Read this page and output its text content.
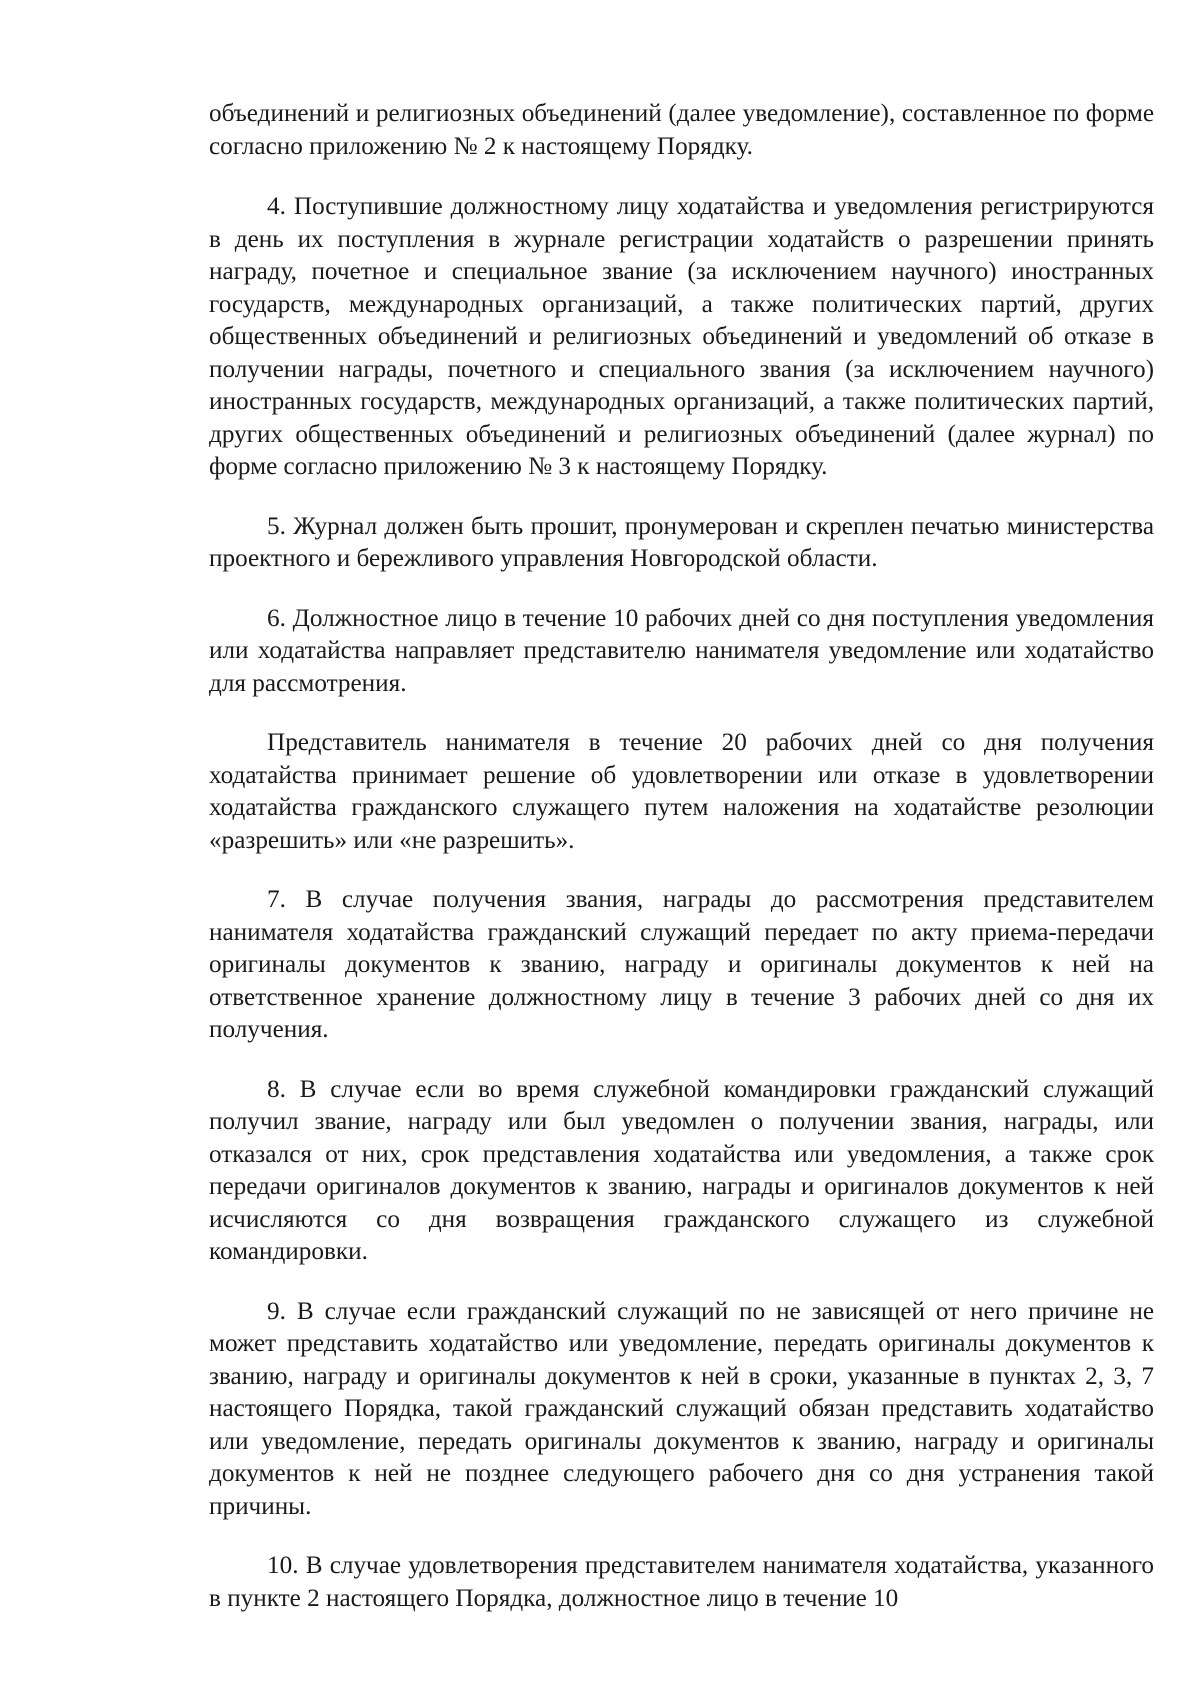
объединений и религиозных объединений (далее уведомление), составленное по форме согласно приложению № 2 к настоящему Порядку.

4. Поступившие должностному лицу ходатайства и уведомления регистрируются в день их поступления в журнале регистрации ходатайств о разрешении принять награду, почетное и специальное звание (за исключением научного) иностранных государств, международных организаций, а также политических партий, других общественных объединений и религиозных объединений и уведомлений об отказе в получении награды, почетного и специального звания (за исключением научного) иностранных государств, международных организаций, а также политических партий, других общественных объединений и религиозных объединений (далее журнал) по форме согласно приложению № 3 к настоящему Порядку.

5. Журнал должен быть прошит, пронумерован и скреплен печатью министерства проектного и бережливого управления Новгородской области.

6. Должностное лицо в течение 10 рабочих дней со дня поступления уведомления или ходатайства направляет представителю нанимателя уведомление или ходатайство для рассмотрения.

Представитель нанимателя в течение 20 рабочих дней со дня получения ходатайства принимает решение об удовлетворении или отказе в удовлетворении ходатайства гражданского служащего путем наложения на ходатайстве резолюции «разрешить» или «не разрешить».

7. В случае получения звания, награды до рассмотрения представителем нанимателя ходатайства гражданский служащий передает по акту приема-передачи оригиналы документов к званию, награду и оригиналы документов к ней на ответственное хранение должностному лицу в течение 3 рабочих дней со дня их получения.

8. В случае если во время служебной командировки гражданский служащий получил звание, награду или был уведомлен о получении звания, награды, или отказался от них, срок представления ходатайства или уведомления, а также срок передачи оригиналов документов к званию, награды и оригиналов документов к ней исчисляются со дня возвращения гражданского служащего из служебной командировки.

9. В случае если гражданский служащий по не зависящей от него причине не может представить ходатайство или уведомление, передать оригиналы документов к званию, награду и оригиналы документов к ней в сроки, указанные в пунктах 2, 3, 7 настоящего Порядка, такой гражданский служащий обязан представить ходатайство или уведомление, передать оригиналы документов к званию, награду и оригиналы документов к ней не позднее следующего рабочего дня со дня устранения такой причины.

10. В случае удовлетворения представителем нанимателя ходатайства, указанного в пункте 2 настоящего Порядка, должностное лицо в течение 10
